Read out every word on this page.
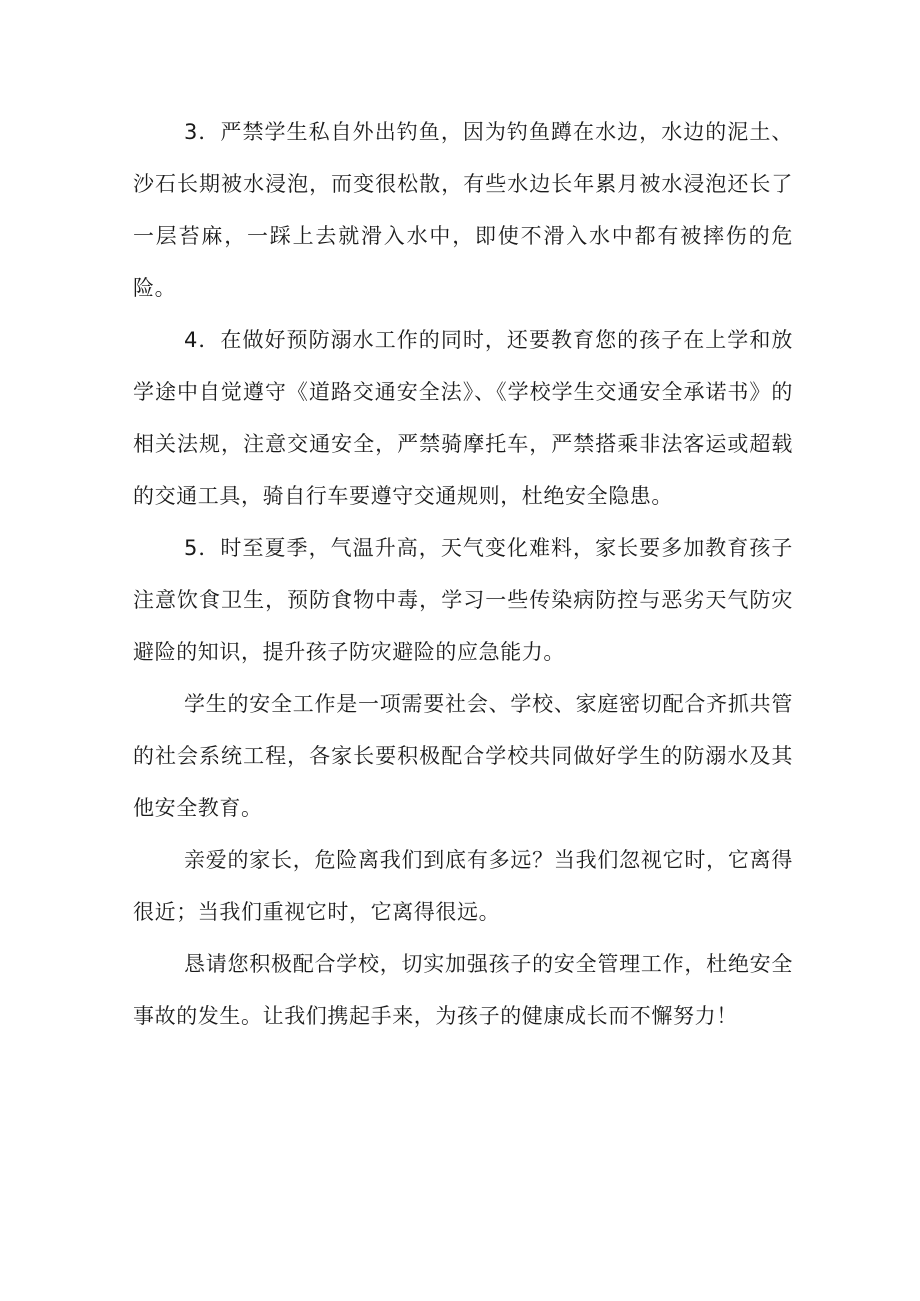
3．严禁学生私自外出钓鱼，因为钓鱼蹲在水边，水边的泥土、沙石长期被水浸泡，而变很松散，有些水边长年累月被水浸泡还长了一层苔麻，一踩上去就滑入水中，即使不滑入水中都有被摔伤的危险。

4．在做好预防溺水工作的同时，还要教育您的孩子在上学和放学途中自觉遵守《道路交通安全法》、《学校学生交通安全承诺书》的相关法规，注意交通安全，严禁骑摩托车，严禁搭乘非法客运或超载的交通工具，骑自行车要遵守交通规则，杜绝安全隐患。

5．时至夏季，气温升高，天气变化难料，家长要多加教育孩子注意饮食卫生，预防食物中毒，学习一些传染病防控与恶劣天气防灾避险的知识，提升孩子防灾避险的应急能力。

学生的安全工作是一项需要社会、学校、家庭密切配合齐抓共管的社会系统工程，各家长要积极配合学校共同做好学生的防溺水及其他安全教育。

亲爱的家长，危险离我们到底有多远？当我们忽视它时，它离得很近；当我们重视它时，它离得很远。

恳请您积极配合学校，切实加强孩子的安全管理工作，杜绝安全事故的发生。让我们携起手来，为孩子的健康成长而不懈努力！
